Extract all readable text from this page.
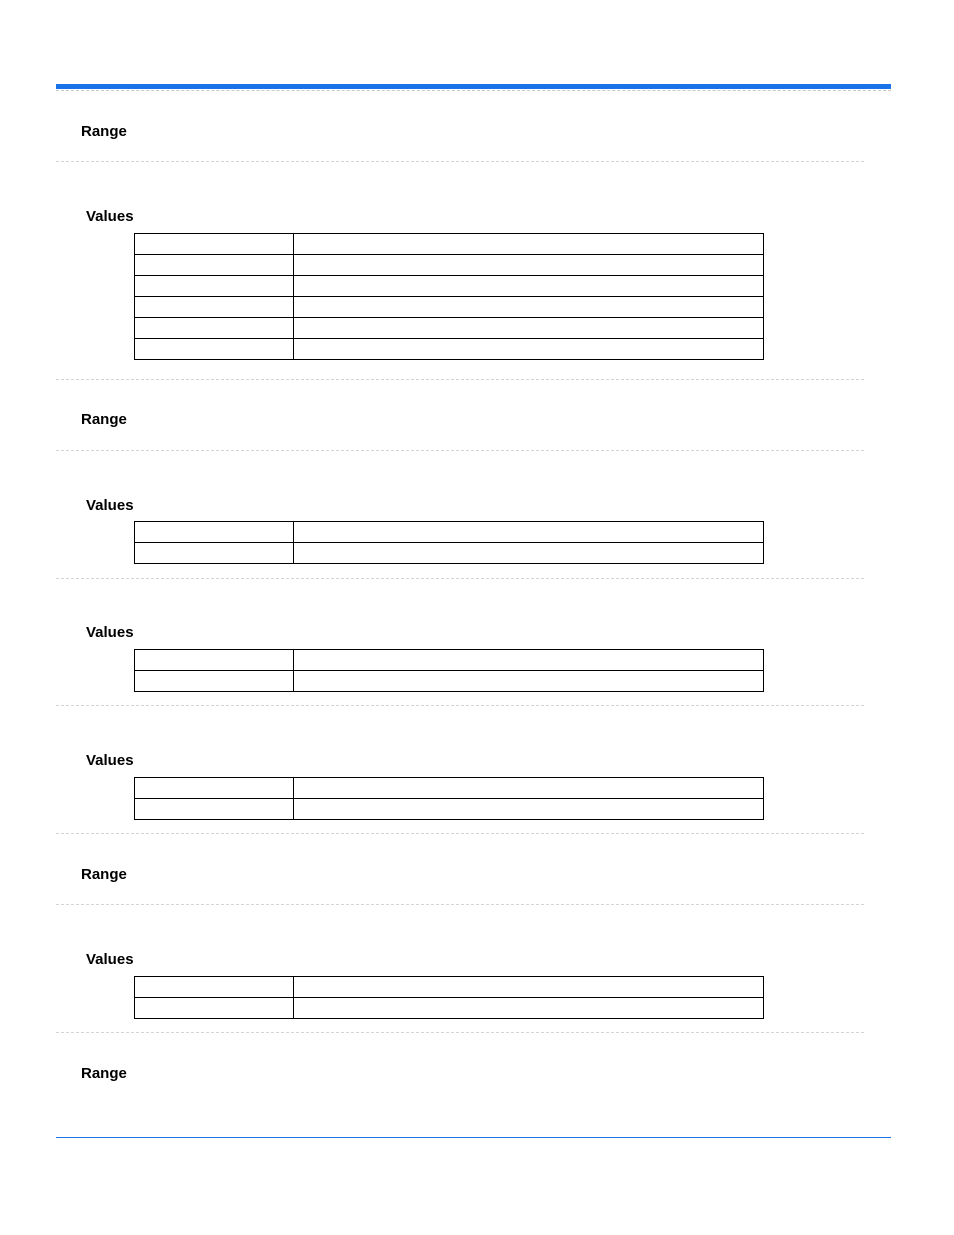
Range
Values

Range
Values

Values

Values

Range
Values

Range
